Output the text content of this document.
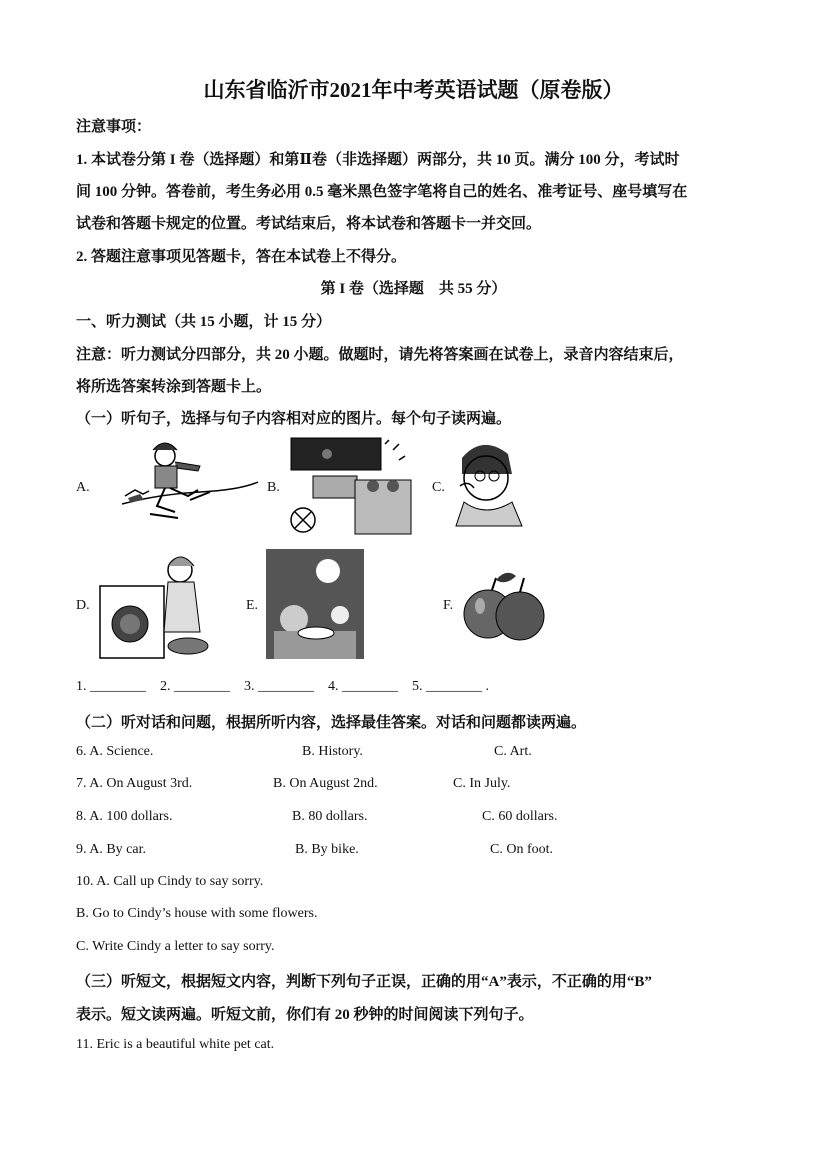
山东省临沂市2021年中考英语试题（原卷版）
注意事项：
1. 本试卷分第 I 卷（选择题）和第Ⅱ卷（非选择题）两部分，共 10 页。满分 100 分，考试时
间 100 分钟。答卷前，考生务必用 0.5 毫米黑色签字笔将自己的姓名、准考证号、座号填写在
试卷和答题卡规定的位置。考试结束后，将本试卷和答题卡一并交回。
2. 答题注意事项见答题卡，答在本试卷上不得分。
第 I 卷（选择题　共 55 分）
一、听力测试（共 15 小题，计 15 分）
注意：听力测试分四部分，共 20 小题。做题时，请先将答案画在试卷上，录音内容结束后，
将所选答案转涂到答题卡上。
（一）听句子，选择与句子内容相对应的图片。每个句子读两遍。
A.	B.	C.
D.	E.	F.
1. ________    2. ________    3. ________    4. ________    5. ________ .
（二）听对话和问题，根据所听内容，选择最佳答案。对话和问题都读两遍。
6. A. Science.	B. History.	C. Art.
7. A. On August 3rd.	B. On August 2nd.	C. In July.
8. A. 100 dollars.	B. 80 dollars.	C. 60 dollars.
9. A. By car.	B. By bike.	C. On foot.
10. A. Call up Cindy to say sorry.
B. Go to Cindy’s house with some flowers.
C. Write Cindy a letter to say sorry.
（三）听短文，根据短文内容，判断下列句子正误，正确的用“A”表示，不正确的用“B”
表示。短文读两遍。听短文前，你们有 20 秒钟的时间阅读下列句子。
11. Eric is a beautiful white pet cat.
